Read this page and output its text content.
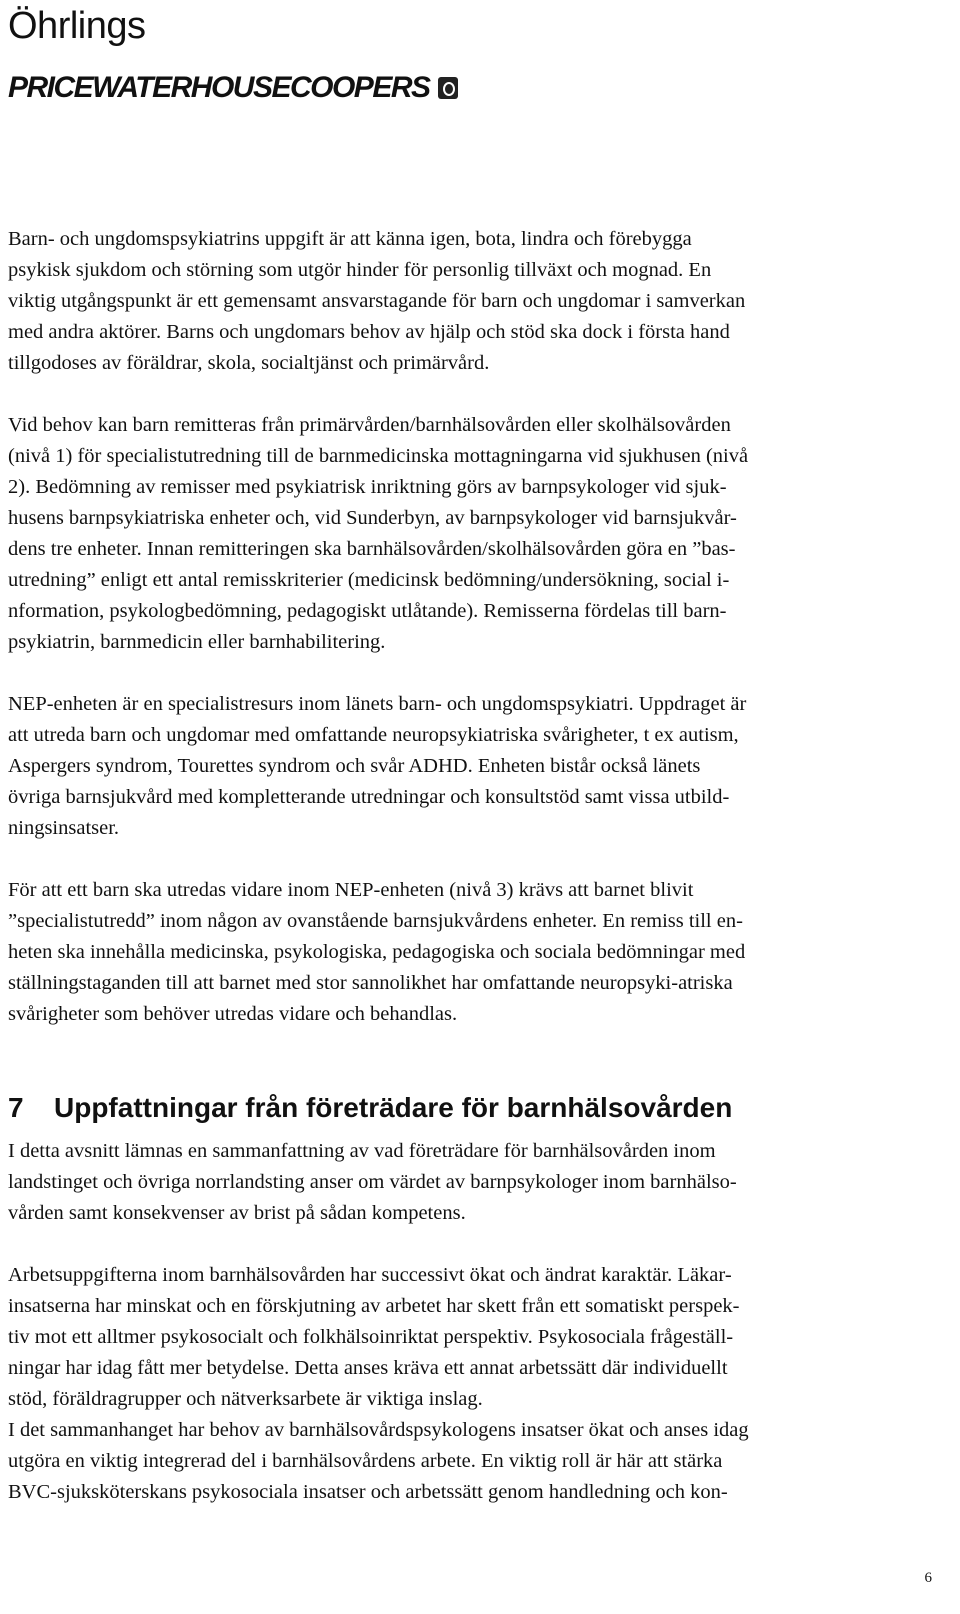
Öhrlings
PRICEWATERHOUSECOOPERS

Barn- och ungdomspsykiatrins uppgift är att känna igen, bota, lindra och förebygga
psykisk sjukdom och störning som utgör hinder för personlig tillväxt och mognad. En
viktig utgångspunkt är ett gemensamt ansvarstagande för barn och ungdomar i samverkan
med andra aktörer. Barns och ungdomars behov av hjälp och stöd ska dock i första hand
tillgodoses av föräldrar, skola, socialtjänst och primärvård.

Vid behov kan barn remitteras från primärvården/barnhälsovården eller skolhälsovården
(nivå 1) för specialistutredning till de barnmedicinska mottagningarna vid sjukhusen (nivå
2). Bedömning av remisser med psykiatrisk inriktning görs av barnpsykologer vid sjuk-
husens barnpsykiatriska enheter och, vid Sunderbyn, av barnpsykologer vid barnsjukvår-
dens tre enheter. Innan remitteringen ska barnhälsovården/skolhälsovården göra en ”bas-
utredning” enligt ett antal remisskriterier (medicinsk bedömning/undersökning, social i-
nformation, psykologbedömning, pedagogiskt utlåtande). Remisserna fördelas till barn-
psykiatrin, barnmedicin eller barnhabilitering.

NEP-enheten är en specialistresurs inom länets barn- och ungdomspsykiatri. Uppdraget är
att utreda barn och ungdomar med omfattande neuropsykiatriska svårigheter, t ex autism,
Aspergers syndrom, Tourettes syndrom och svår ADHD. Enheten bistår också länets
övriga barnsjukvård med kompletterande utredningar och konsultstöd samt vissa utbild-
ningsinsatser.

För att ett barn ska utredas vidare inom NEP-enheten (nivå 3) krävs att barnet blivit
”specialistutredd” inom någon av ovanstående barnsjukvårdens enheter. En remiss till en-
heten ska innehålla medicinska, psykologiska, pedagogiska och sociala bedömningar med
ställningstaganden till att barnet med stor sannolikhet har omfattande neuropsyki-atriska
svårigheter som behöver utredas vidare och behandlas.

7 Uppfattningar från företrädare för barnhälsovården

I detta avsnitt lämnas en sammanfattning av vad företrädare för barnhälsovården inom
landstinget och övriga norrlandsting anser om värdet av barnpsykologer inom barnhälso-
vården samt konsekvenser av brist på sådan kompetens.

Arbetsuppgifterna inom barnhälsovården har successivt ökat och ändrat karaktär. Läkar-
insatserna har minskat och en förskjutning av arbetet har skett från ett somatiskt perspek-
tiv mot ett alltmer psykosocialt och folkhälsoinriktat perspektiv. Psykosociala frågeställ-
ningar har idag fått mer betydelse. Detta anses kräva ett annat arbetssätt där individuellt
stöd, föräldragrupper och nätverksarbete är viktiga inslag.
I det sammanhanget har behov av barnhälsovårdspsykologens insatser ökat och anses idag
utgöra en viktig integrerad del i barnhälsovårdens arbete. En viktig roll är här att stärka
BVC-sjuksköterskans psykosociala insatser och arbetssätt genom handledning och kon-

6
